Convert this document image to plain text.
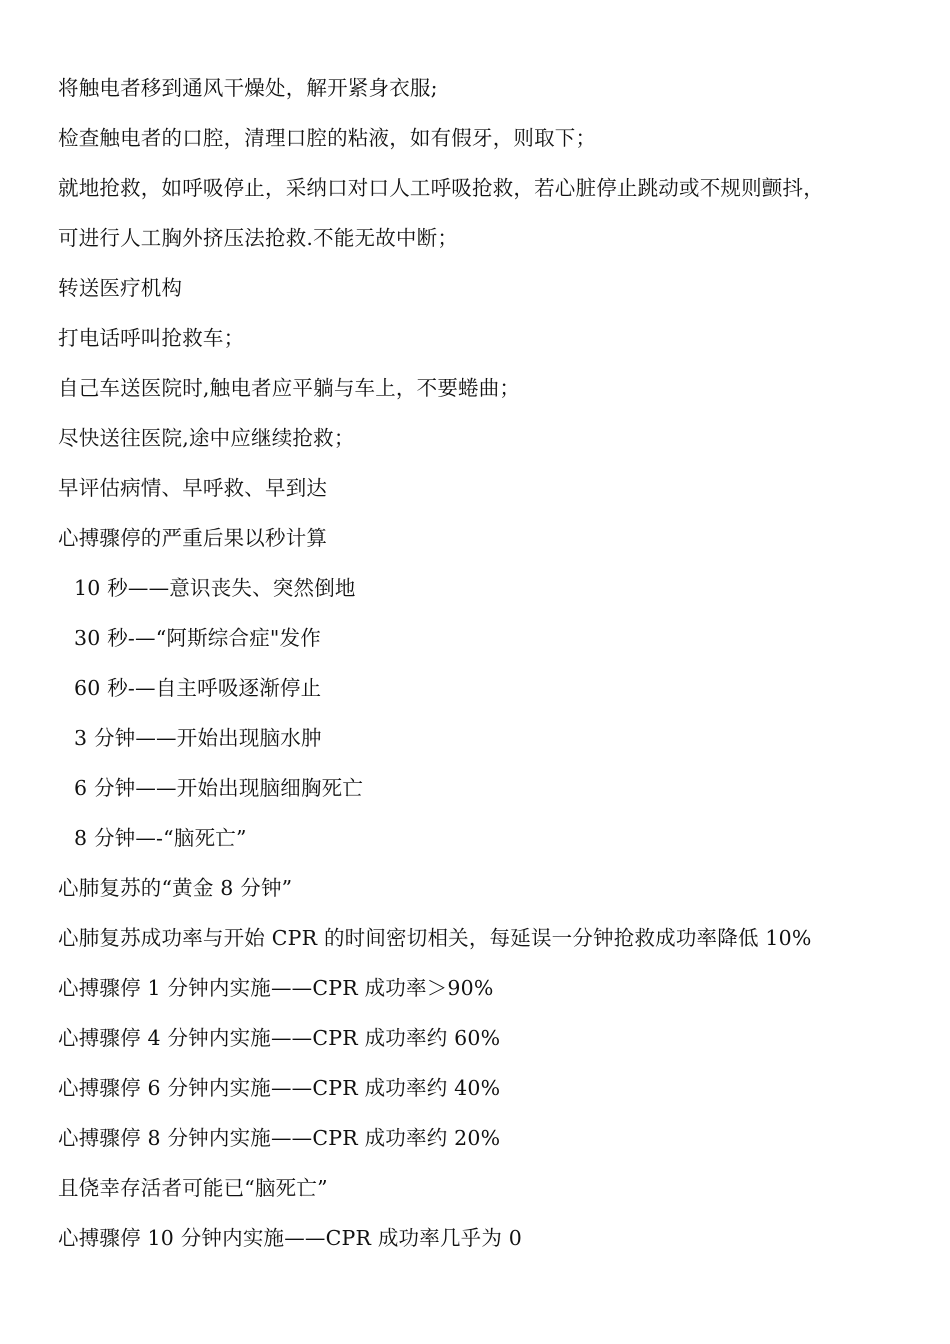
将触电者移到通风干燥处，解开紧身衣服;
检查触电者的口腔，清理口腔的粘液，如有假牙，则取下；
就地抢救，如呼吸停止，采纳口对口人工呼吸抢救，若心脏停止跳动或不规则颤抖，
可进行人工胸外挤压法抢救.不能无故中断；
转送医疗机构
打电话呼叫抢救车；
自己车送医院时,触电者应平躺与车上，不要蜷曲；
尽快送往医院,途中应继续抢救；
早评估病情、早呼救、早到达
心搏骤停的严重后果以秒计算
10 秒——意识丧失、突然倒地
30 秒-—“阿斯综合症"发作
60 秒-—自主呼吸逐渐停止
3 分钟——开始出现脑水肿
6 分钟——开始出现脑细胸死亡
8 分钟—-“脑死亡”
心肺复苏的“黄金 8 分钟”
心肺复苏成功率与开始 CPR 的时间密切相关，每延误一分钟抢救成功率降低 10%
心搏骤停 1 分钟内实施——CPR 成功率＞90%
心搏骤停 4 分钟内实施——CPR 成功率约 60%
心搏骤停 6 分钟内实施——CPR 成功率约 40%
心搏骤停 8 分钟内实施——CPR 成功率约 20%
且侥幸存活者可能已“脑死亡”
心搏骤停 10 分钟内实施——CPR 成功率几乎为 0
